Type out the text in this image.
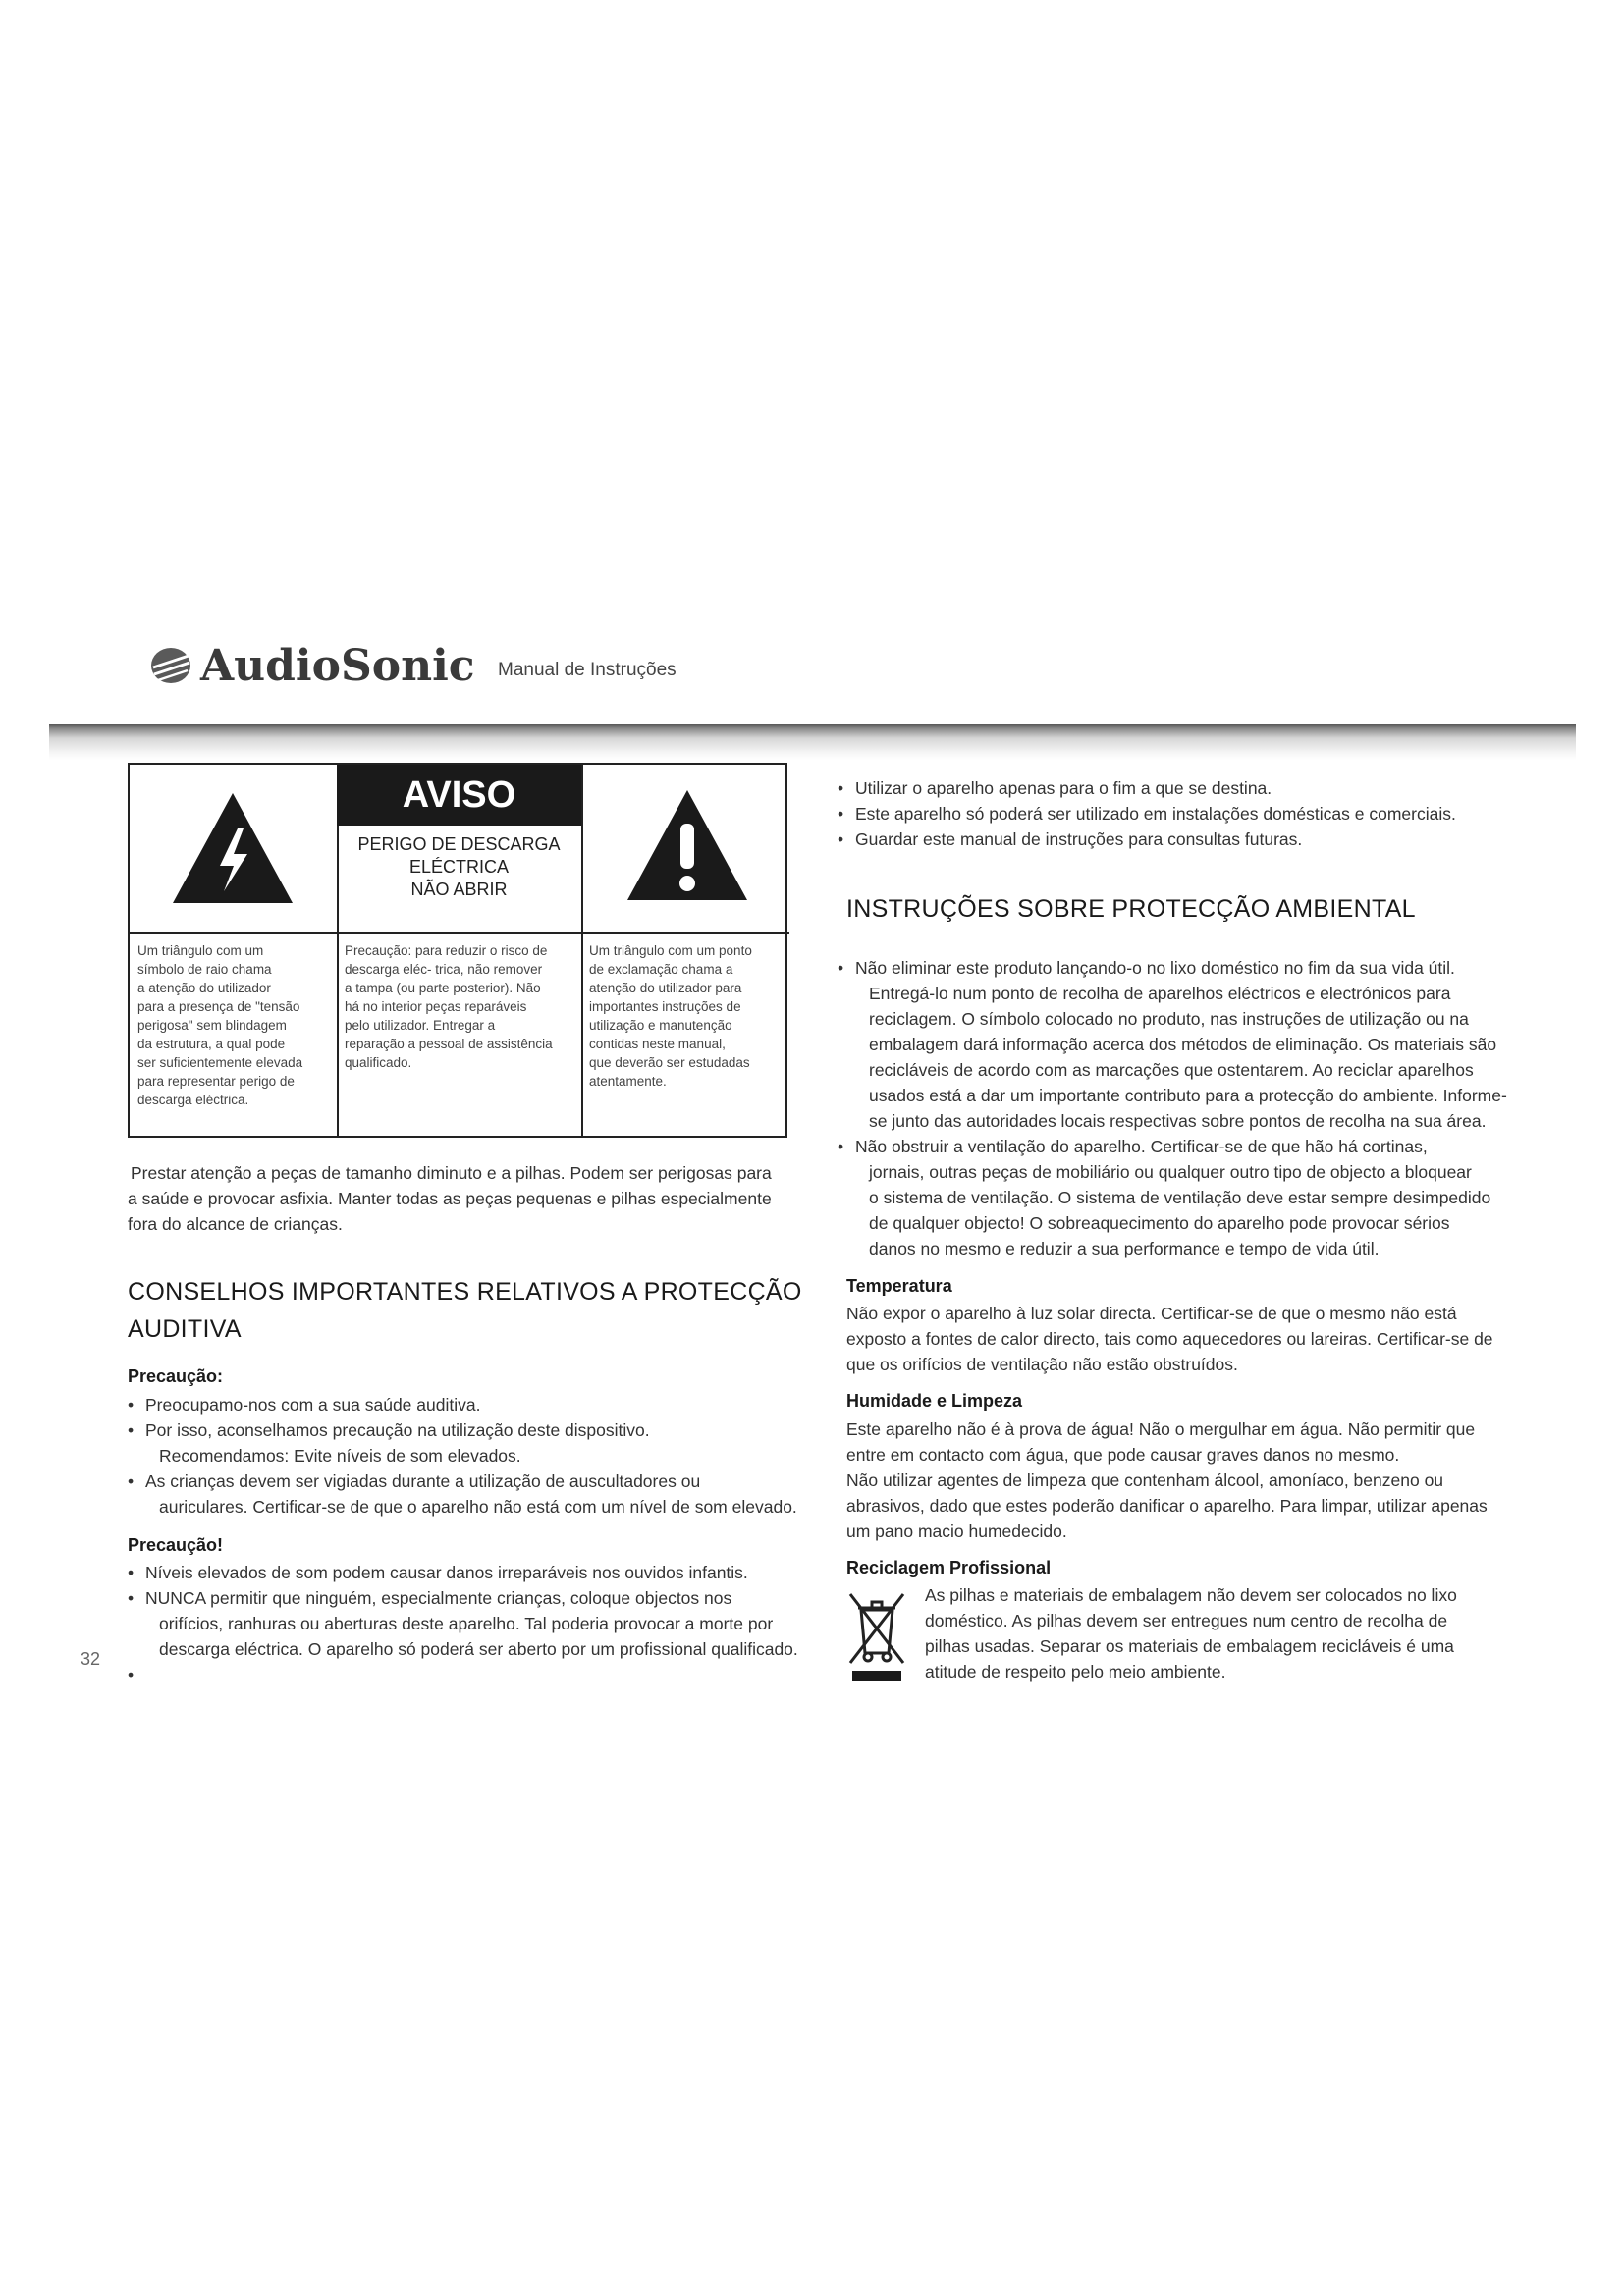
AudioSonic Manual de Instruções
AVISO
PERIGO DE DESCARGA
ELÉCTRICA
NÃO ABRIR
Um triângulo com um
símbolo de raio chama
a atenção do utilizador
para a presença de "tensão
perigosa" sem blindagem
da estrutura, a qual pode
ser suficientemente elevada
para representar perigo de
descarga eléctrica.
Precaução: para reduzir o risco de
descarga eléc- trica, não remover
a tampa (ou parte posterior). Não
há no interior peças reparáveis
pelo utilizador. Entregar a
reparação a pessoal de assistência
qualificado.
Um triângulo com um ponto
de exclamação chama a
atenção do utilizador para
importantes instruções de
utilização e manutenção
contidas neste manual,
que deverão ser estudadas
atentamente.
Prestar atenção a peças de tamanho diminuto e a pilhas. Podem ser perigosas para
a saúde e provocar asfixia. Manter todas as peças pequenas e pilhas especialmente
fora do alcance de crianças.
CONSELHOS IMPORTANTES RELATIVOS A PROTECÇÃO
AUDITIVA
Precaução:
• Preocupamo-nos com a sua saúde auditiva.
• Por isso, aconselhamos precaução na utilização deste dispositivo.
Recomendamos: Evite níveis de som elevados.
• As crianças devem ser vigiadas durante a utilização de auscultadores ou
auriculares. Certificar-se de que o aparelho não está com um nível de som elevado.
Precaução!
• Níveis elevados de som podem causar danos irreparáveis nos ouvidos infantis.
• NUNCA permitir que ninguém, especialmente crianças, coloque objectos nos
orifícios, ranhuras ou aberturas deste aparelho. Tal poderia provocar a morte por
descarga eléctrica. O aparelho só poderá ser aberto por um profissional qualificado.
32
• Utilizar o aparelho apenas para o fim a que se destina.
• Este aparelho só poderá ser utilizado em instalações domésticas e comerciais.
• Guardar este manual de instruções para consultas futuras.
INSTRUÇÕES SOBRE PROTECÇÃO AMBIENTAL
• Não eliminar este produto lançando-o no lixo doméstico no fim da sua vida útil.
Entregá-lo num ponto de recolha de aparelhos eléctricos e electrónicos para
reciclagem. O símbolo colocado no produto, nas instruções de utilização ou na
embalagem dará informação acerca dos métodos de eliminação. Os materiais são
recicláveis de acordo com as marcações que ostentarem. Ao reciclar aparelhos
usados está a dar um importante contributo para a protecção do ambiente. Informe-
se junto das autoridades locais respectivas sobre pontos de recolha na sua área.
• Não obstruir a ventilação do aparelho. Certificar-se de que hão há cortinas,
jornais, outras peças de mobiliário ou qualquer outro tipo de objecto a bloquear
o sistema de ventilação. O sistema de ventilação deve estar sempre desimpedido
de qualquer objecto! O sobreaquecimento do aparelho pode provocar sérios
danos no mesmo e reduzir a sua performance e tempo de vida útil.
Temperatura
Não expor o aparelho à luz solar directa. Certificar-se de que o mesmo não está
exposto a fontes de calor directo, tais como aquecedores ou lareiras. Certificar-se de
que os orifícios de ventilação não estão obstruídos.
Humidade e Limpeza
Este aparelho não é à prova de água! Não o mergulhar em água. Não permitir que
entre em contacto com água, que pode causar graves danos no mesmo.
Não utilizar agentes de limpeza que contenham álcool, amoníaco, benzeno ou
abrasivos, dado que estes poderão danificar o aparelho. Para limpar, utilizar apenas
um pano macio humedecido.
Reciclagem Profissional
As pilhas e materiais de embalagem não devem ser colocados no lixo
doméstico. As pilhas devem ser entregues num centro de recolha de
pilhas usadas. Separar os materiais de embalagem recicláveis é uma
atitude de respeito pelo meio ambiente.
